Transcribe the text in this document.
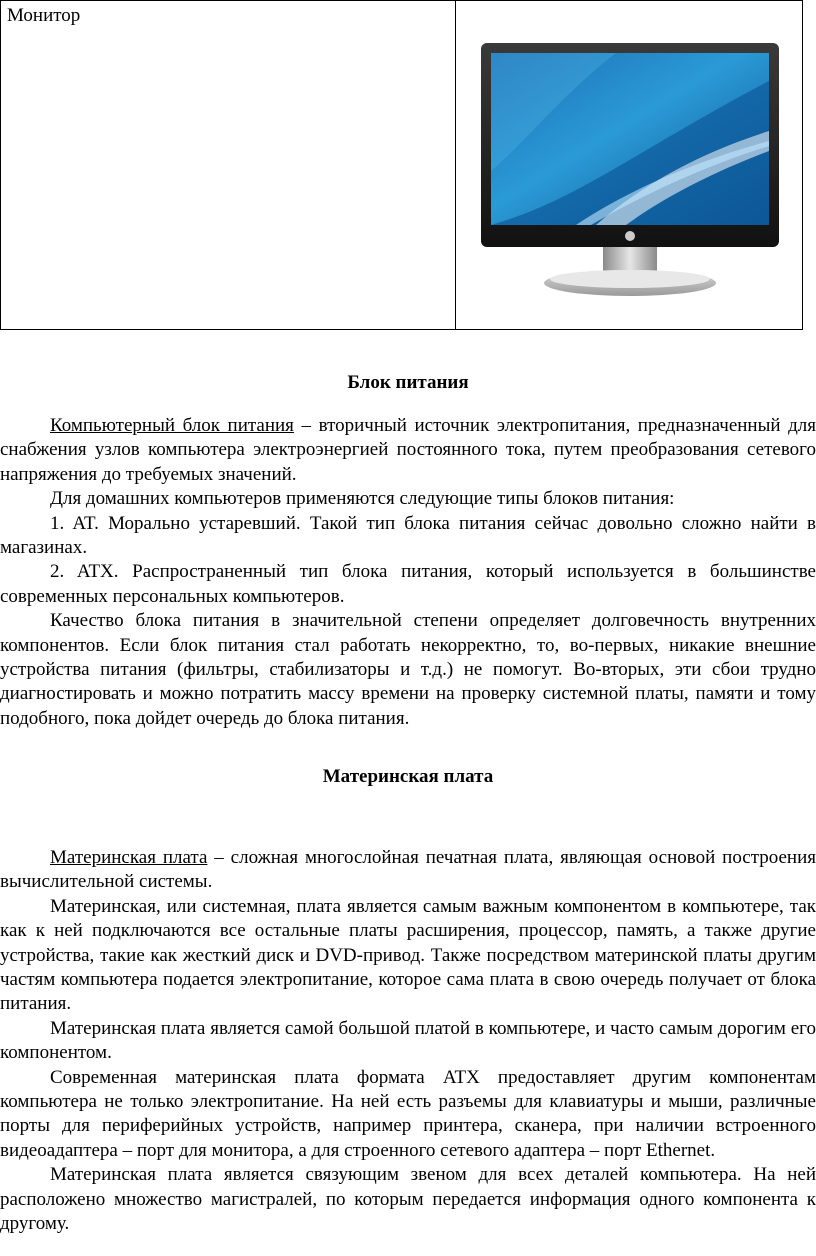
Монитор
Блок питания

Компьютерный блок питания – вторичный источник электропитания, предназначенный для снабжения узлов компьютера электроэнергией постоянного тока, путем преобразования сетевого напряжения до требуемых значений.

Для домашних компьютеров применяются следующие типы блоков питания:

1. AT. Морально устаревший. Такой тип блока питания сейчас довольно сложно найти в магазинах.

2. ATX. Распространенный тип блока питания, который используется в большинстве современных персональных компьютеров.

Качество блока питания в значительной степени определяет долговечность внутренних компонентов. Если блок питания стал работать некорректно, то, во-первых, никакие внешние устройства питания (фильтры, стабилизаторы и т.д.) не помогут. Во-вторых, эти сбои трудно диагностировать и можно потратить массу времени на проверку системной платы, памяти и тому подобного, пока дойдет очередь до блока питания.

Материнская плата

Материнская плата – сложная многослойная печатная плата, являющая основой построения вычислительной системы.

Материнская, или системная, плата является самым важным компонентом в компьютере, так как к ней подключаются все остальные платы расширения, процессор, память, а также другие устройства, такие как жесткий диск и DVD-привод. Также посредством материнской платы другим частям компьютера подается электропитание, которое сама плата в свою очередь получает от блока питания.

Материнская плата является самой большой платой в компьютере, и часто самым дорогим его компонентом.

Современная материнская плата формата ATX предоставляет другим компонентам компьютера не только электропитание. На ней есть разъемы для клавиатуры и мыши, различные порты для периферийных устройств, например принтера, сканера, при наличии встроенного видеоадаптера – порт для монитора, а для строенного сетевого адаптера – порт Ethernet.

Материнская плата является связующим звеном для всех деталей компьютера. На ней расположено множество магистралей, по которым передается информация одного компонента к другому.
